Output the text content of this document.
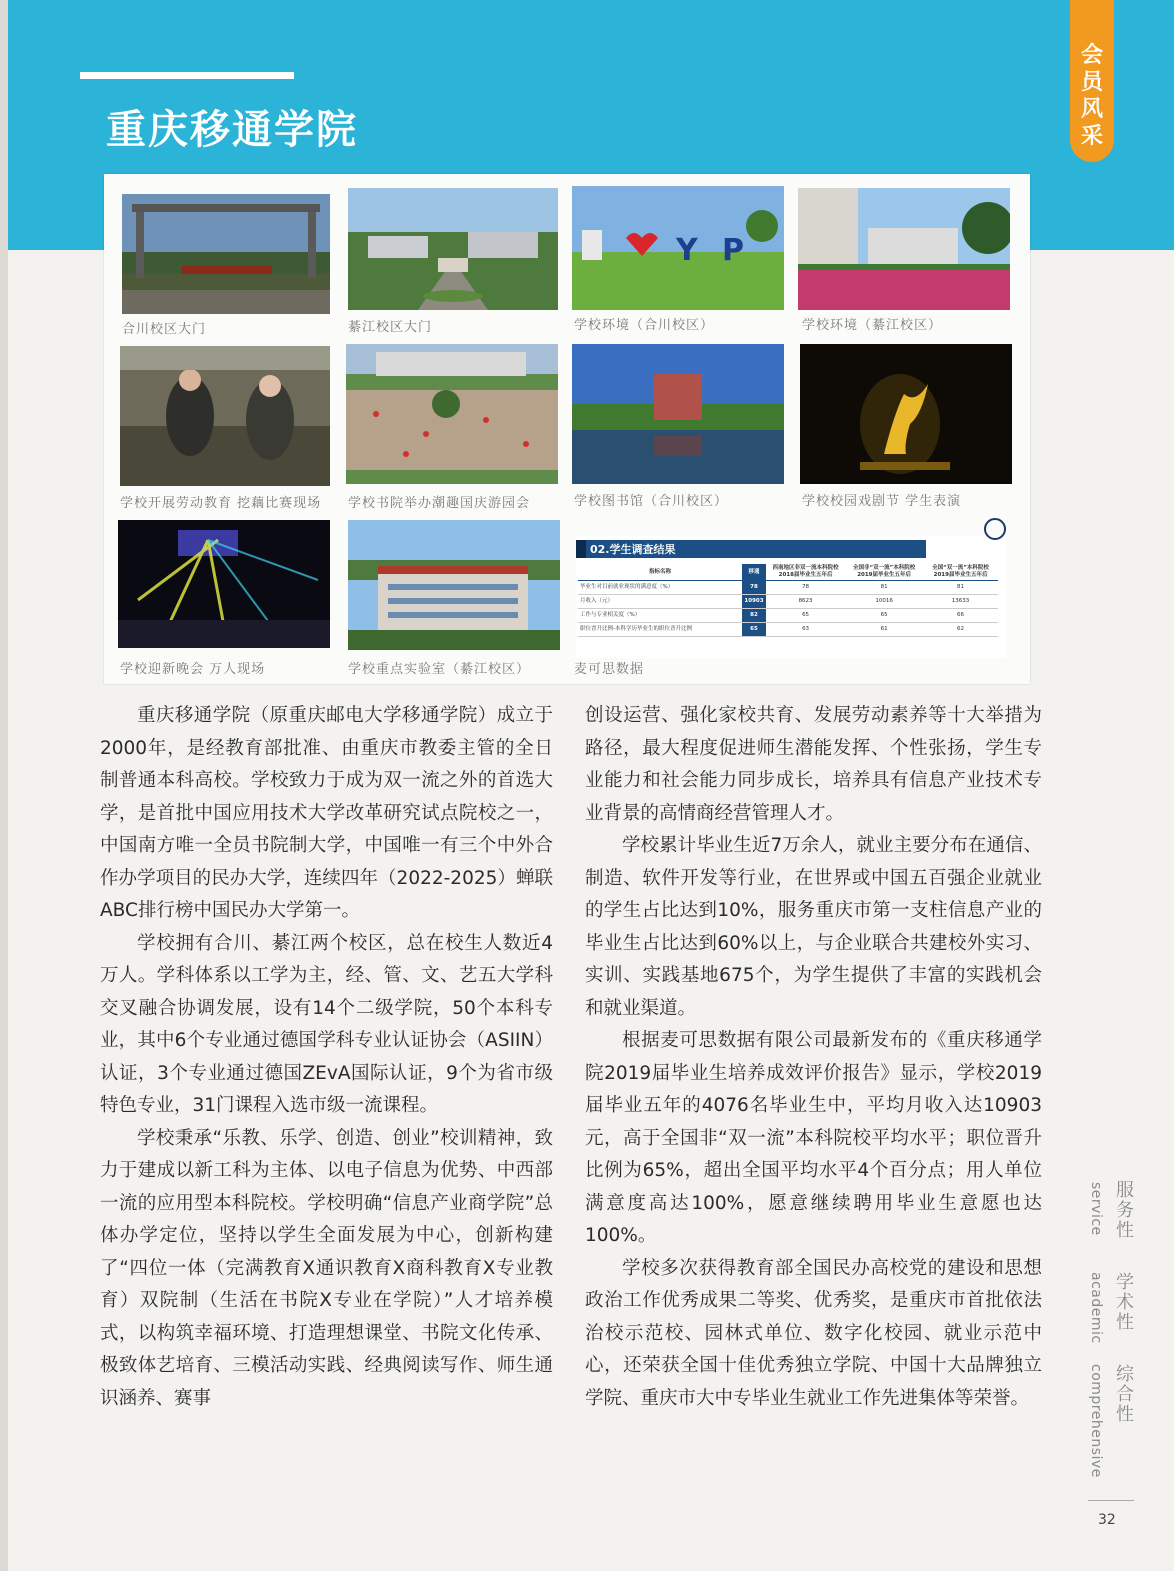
重庆移通学院
会员风采
Y P
合川校区大门	綦江校区大门	学校环境（合川校区）	学校环境（綦江校区）
学校开展劳动教育 挖藕比赛现场 学校书院举办潮趣国庆游园会	学校图书馆（合川校区）	学校校园戏剧节 学生表演
学校迎新晚会 万人现场	学校重点实验室（綦江校区）	麦可思数据
02.学生调查结果
指标名称	移通	西南地区非双一流本科院校 2018届毕业生五年后	全国非“双一流”本科院校 2019届毕业生五年后	全国“双一流”本科院校 2019届毕业生五年后
毕业生对目前就业现状的满意度（%）	78	78	81	81
月收入（元）	10903	8623	10016	13633
工作与专业相关度（%）	82	65	65	66
职位晋升比例-本科学历毕业生的职位晋升比例	65	63	61	62

重庆移通学院（原重庆邮电大学移通学院）成立于2000年，是经教育部批准、由重庆市教委主管的全日制普通本科高校。学校致力于成为双一流之外的首选大学，是首批中国应用技术大学改革研究试点院校之一，中国南方唯一全员书院制大学，中国唯一有三个中外合作办学项目的民办大学，连续四年（2022-2025）蝉联ABC排行榜中国民办大学第一。

学校拥有合川、綦江两个校区，总在校生人数近4万人。学科体系以工学为主，经、管、文、艺五大学科交叉融合协调发展，设有14个二级学院，50个本科专业，其中6个专业通过德国学科专业认证协会（ASIIN）认证，3个专业通过德国ZEvA国际认证，9个为省市级特色专业，31门课程入选市级一流课程。

学校秉承“乐教、乐学、创造、创业”校训精神，致力于建成以新工科为主体、以电子信息为优势、中西部一流的应用型本科院校。学校明确“信息产业商学院”总体办学定位，坚持以学生全面发展为中心，创新构建了“四位一体（完满教育X通识教育X商科教育X专业教育）双院制（生活在书院X专业在学院）”人才培养模式，以构筑幸福环境、打造理想课堂、书院文化传承、极致体艺培育、三模活动实践、经典阅读写作、师生通识涵养、赛事

创设运营、强化家校共育、发展劳动素养等十大举措为路径，最大程度促进师生潜能发挥、个性张扬，学生专业能力和社会能力同步成长，培养具有信息产业技术专业背景的高情商经营管理人才。

学校累计毕业生近7万余人，就业主要分布在通信、制造、软件开发等行业，在世界或中国五百强企业就业的学生占比达到10%，服务重庆市第一支柱信息产业的毕业生占比达到60%以上，与企业联合共建校外实习、实训、实践基地675个，为学生提供了丰富的实践机会和就业渠道。

根据麦可思数据有限公司最新发布的《重庆移通学院2019届毕业生培养成效评价报告》显示，学校2019届毕业五年的4076名毕业生中，平均月收入达10903元，高于全国非“双一流”本科院校平均水平；职位晋升比例为65%，超出全国平均水平4个百分点；用人单位满意度高达100%，愿意继续聘用毕业生意愿也达100%。

学校多次获得教育部全国民办高校党的建设和思想政治工作优秀成果二等奖、优秀奖，是重庆市首批依法治校示范校、园林式单位、数字化校园、就业示范中心，还荣获全国十佳优秀独立学院、中国十大品牌独立学院、重庆市大中专毕业生就业工作先进集体等荣誉。

服务性
service
学术性
academic
综合性
comprehensive
32
